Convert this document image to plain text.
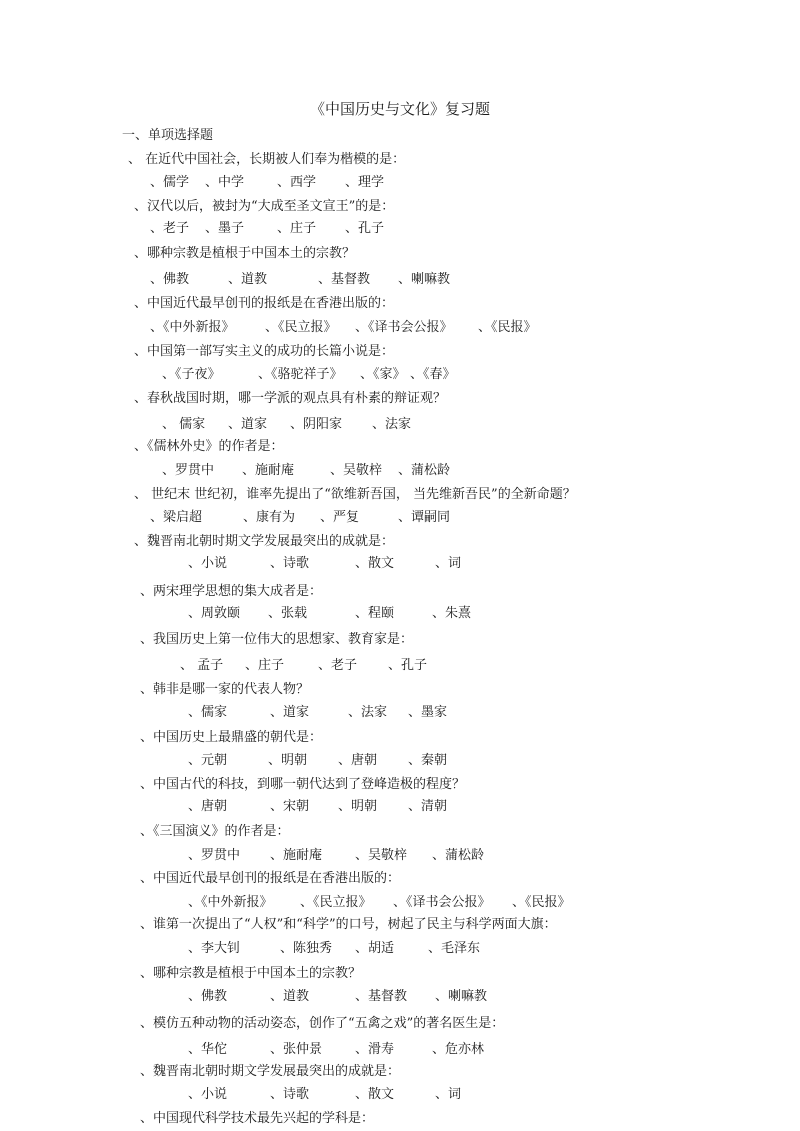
《中国历史与文化》复习题
一、单项选择题
、 在近代中国社会，长期被人们奉为楷模的是：
、儒学 、中学	、西学 、理学
、汉代以后，被封为“大成至圣文宣王”的是：
、老子 、墨子	、庄子 、孔子
、哪种宗教是植根于中国本土的宗教？
、佛教	、道教	、基督教 、喇嘛教
、中国近代最早创刊的报纸是在香港出版的：
、《中外新报》 、《民立报》 、《译书会公报》 、《民报》
、中国第一部写实主义的成功的长篇小说是：
、《子夜》	、《骆驼祥子》 、《家》 、《春》
、春秋战国时期，哪一学派的观点具有朴素的辩证观？
、 儒家 、道家 、阴阳家 、法家
、《儒林外史》的作者是：
、罗贯中 、施耐庵	、吴敬梓 、蒲松龄
、 世纪末 世纪初，谁率先提出了“欲维新吾国， 当先维新吾民”的全新命题？
、梁启超	、康有为 、严复	、谭嗣同
、魏晋南北朝时期文学发展最突出的成就是：
、小说	、诗歌	、散文	、词
、两宋理学思想的集大成者是：
、周敦颐 、张载	、程颐	、朱熹
、我国历史上第一位伟大的思想家、教育家是：
、 孟子 、庄子	、老子 、孔子
、韩非是哪一家的代表人物？
、儒家	、道家	、法家 、墨家
、中国历史上最鼎盛的朝代是：
、元朝	、明朝 、唐朝 、秦朝
、中国古代的科技，到哪一朝代达到了登峰造极的程度？
、唐朝	、宋朝 、明朝 、清朝
、《三国演义》的作者是：
、罗贯中 、施耐庵	、吴敬梓 、蒲松龄
、中国近代最早创刊的报纸是在香港出版的：
、《中外新报》 、《民立报》 、《译书会公报》 、《民报》
、谁第一次提出了“人权”和“科学”的口号，树起了民主与科学两面大旗：
、李大钊	、陈独秀 、胡适	、毛泽东
、哪种宗教是植根于中国本土的宗教？
、佛教	、道教	、基督教 、喇嘛教
、模仿五种动物的活动姿态，创作了“五禽之戏”的著名医生是：
、华佗	、张仲景	、滑寿	、危亦林
、魏晋南北朝时期文学发展最突出的成就是：
、小说	、诗歌	、散文	、词
、中国现代科学技术最先兴起的学科是：
